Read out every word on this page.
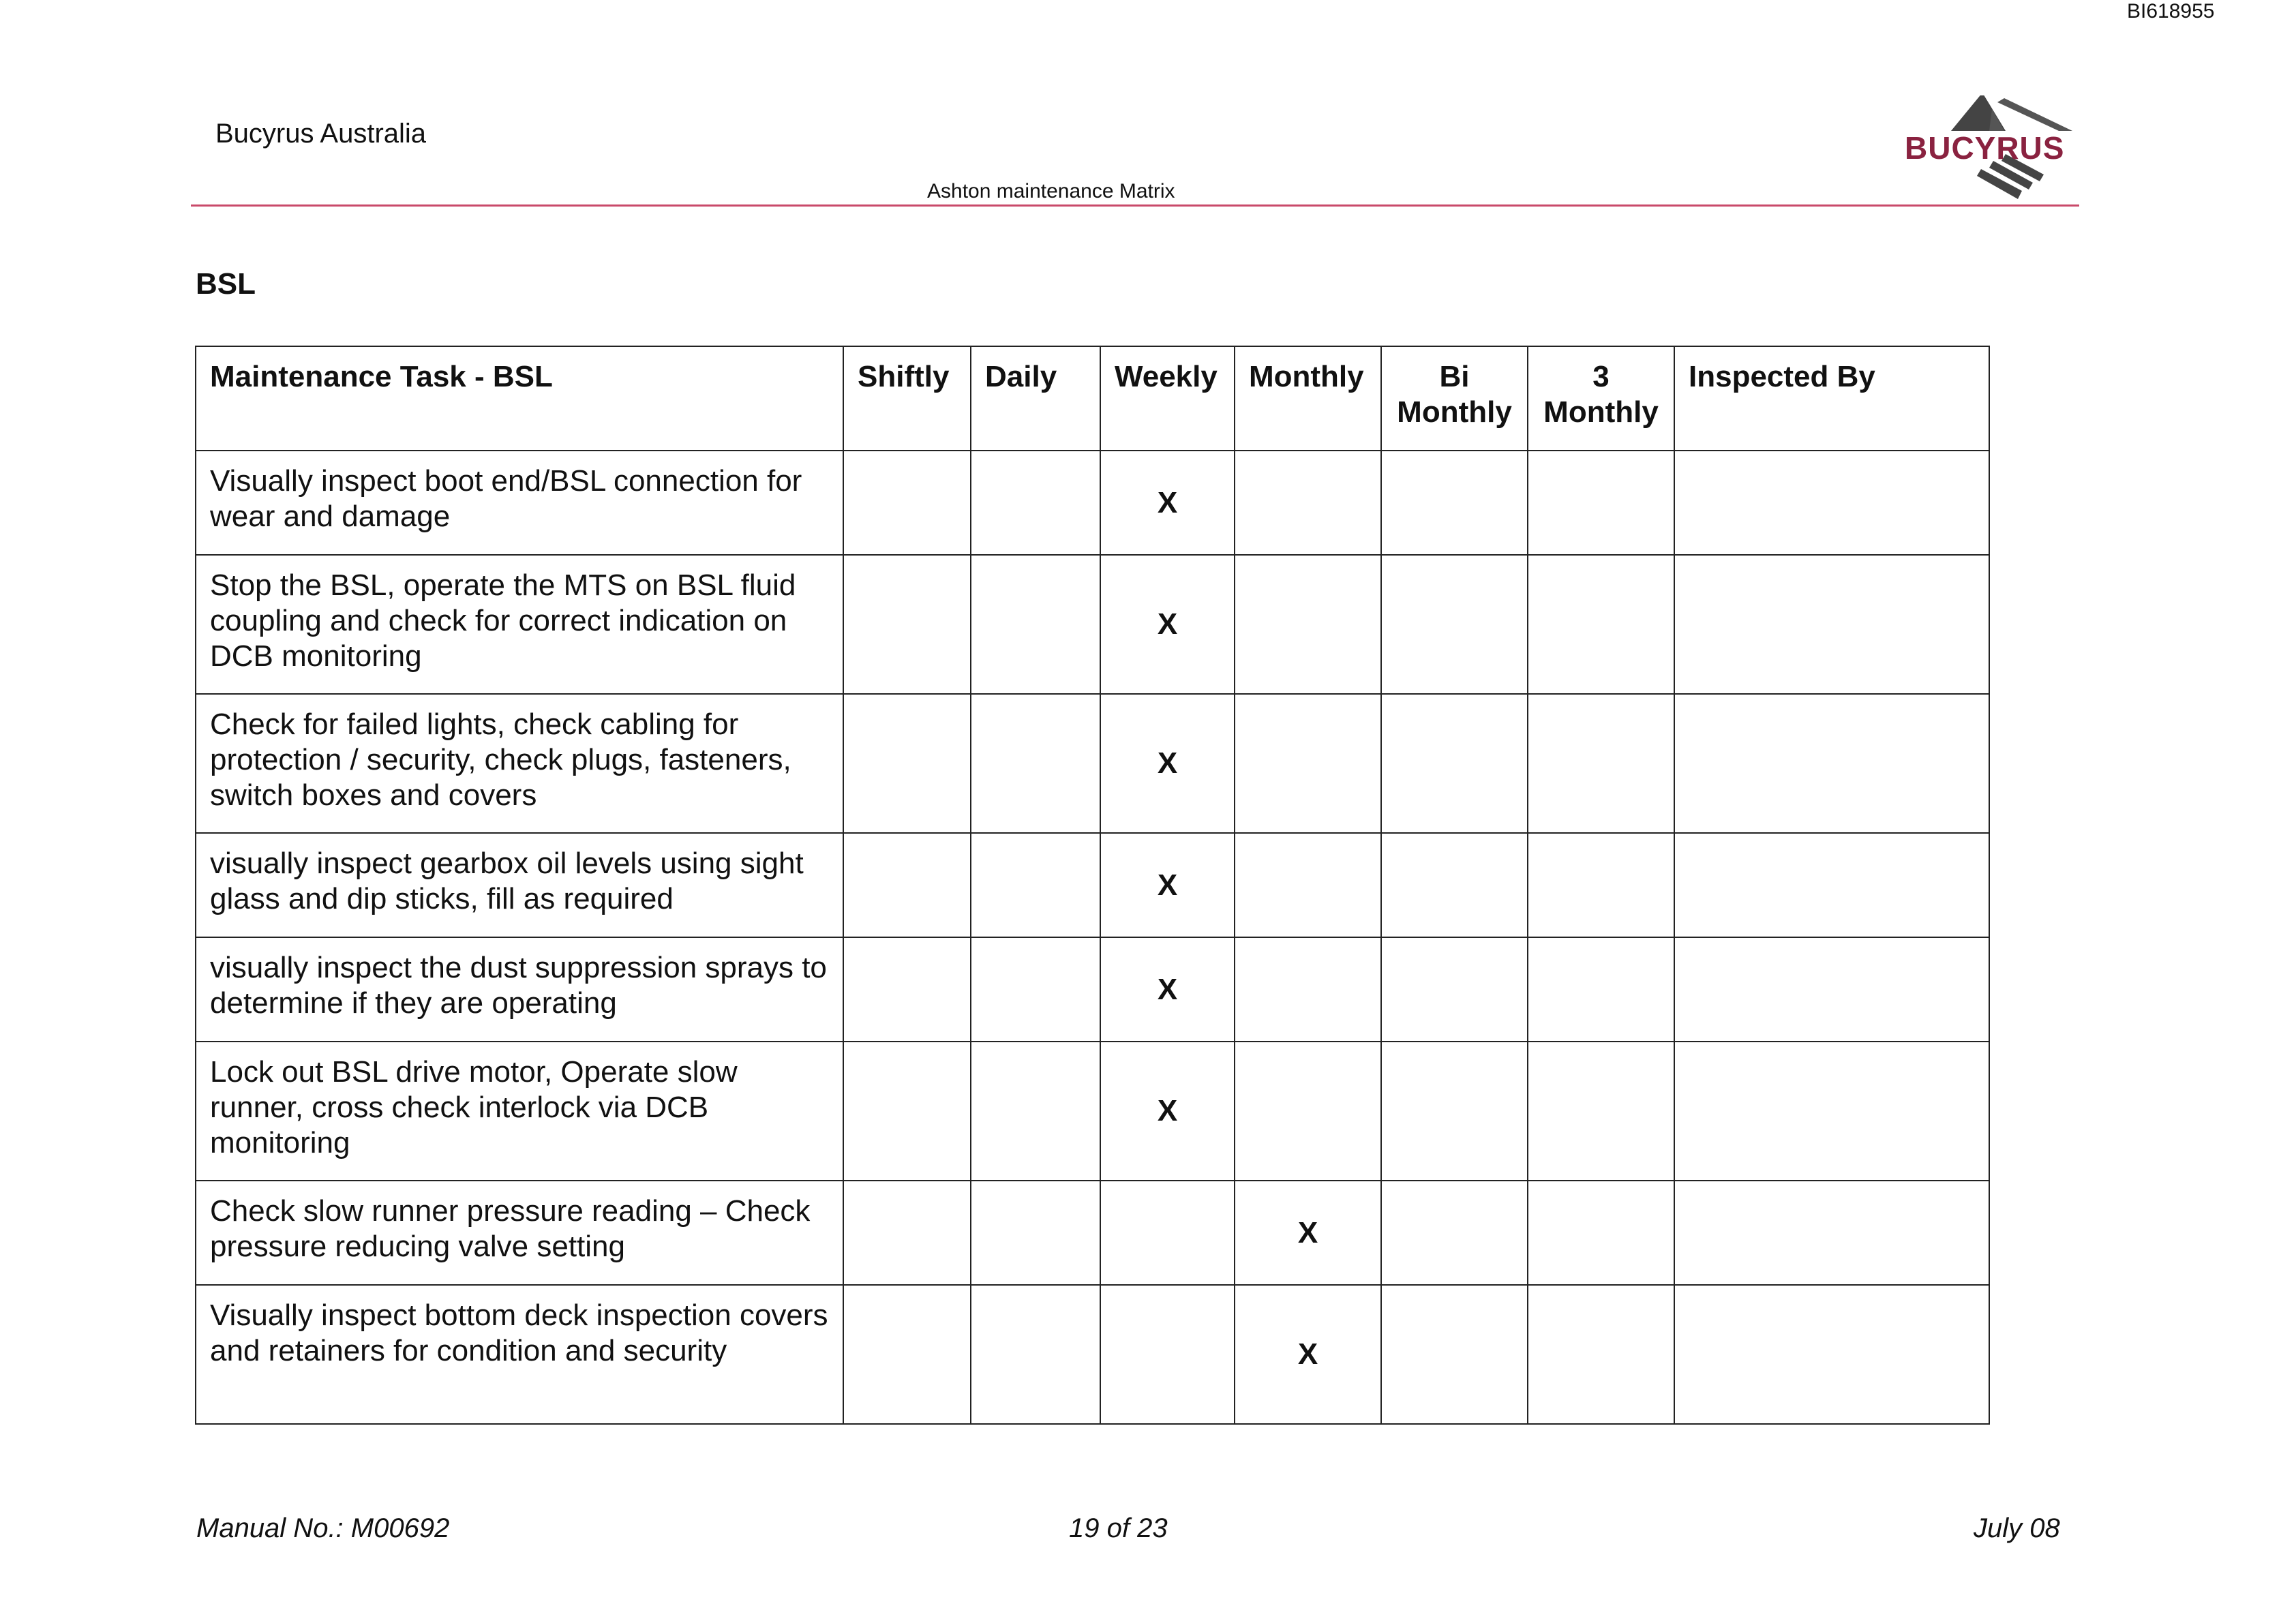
BI618955
Bucyrus Australia
Ashton maintenance Matrix
BUCYRUS
BSL
Maintenance Task - BSL	Shiftly	Daily	Weekly	Monthly	Bi Monthly	3 Monthly	Inspected By
Visually inspect boot end/BSL connection for wear and damage			X				
Stop the BSL, operate the MTS on BSL fluid coupling and check for correct indication on DCB monitoring			X				
Check for failed lights, check cabling for protection / security, check plugs, fasteners, switch boxes and covers			X				
visually inspect gearbox oil levels using sight glass and dip sticks, fill as required			X				
visually inspect the dust suppression sprays to determine if they are operating			X				
Lock out BSL drive motor, Operate slow runner, cross check interlock via DCB monitoring			X				
Check slow runner pressure reading – Check pressure reducing valve setting				X			
Visually inspect bottom deck inspection covers and retainers for condition and security				X			
Manual No.: M00692	19 of 23	July 08
